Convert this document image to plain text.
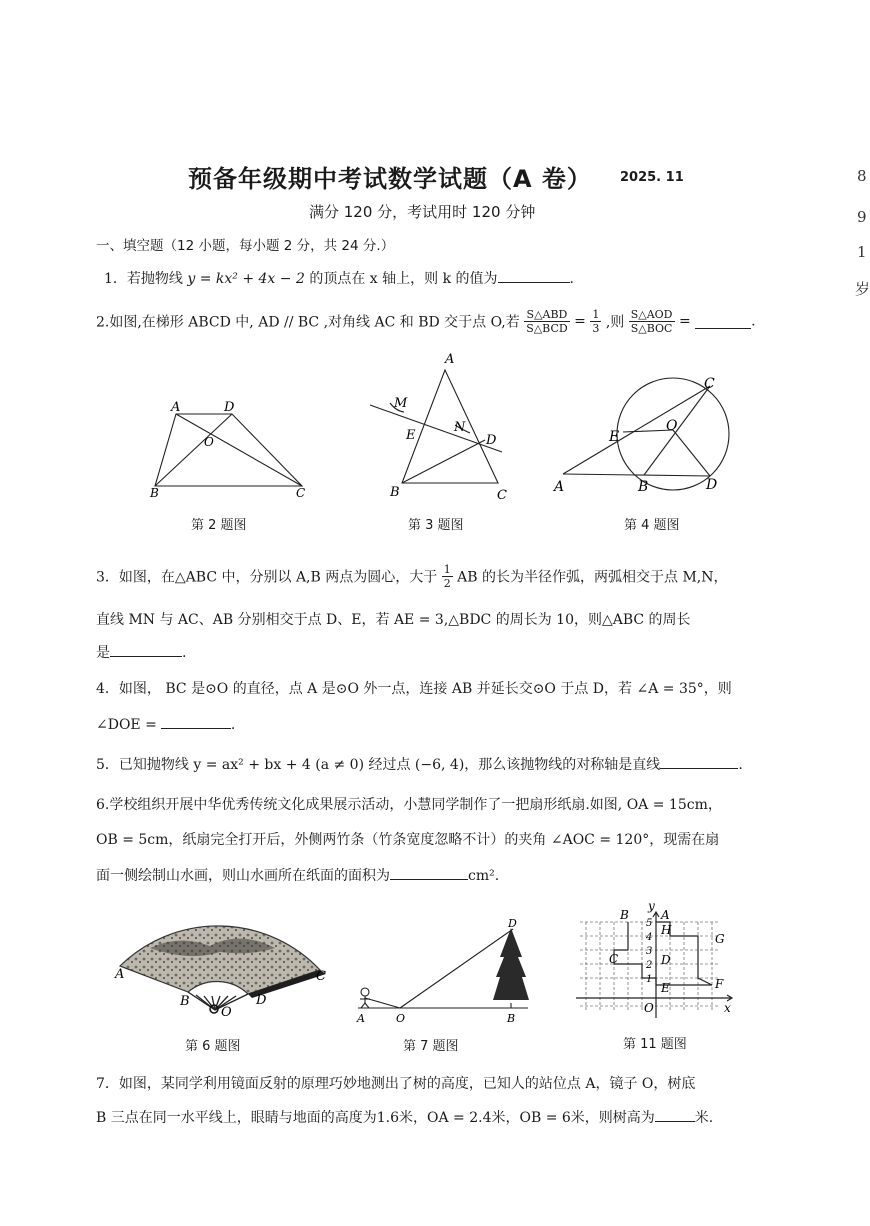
预备年级期中考试数学试题（A 卷） 2025. 11
满分 120 分，考试用时 120 分钟
8
9
1
岁
一、填空题（12 小题，每小题 2 分，共 24 分.）
1．若抛物线 y = kx² + 4x − 2 的顶点在 x 轴上，则 k 的值为	.
2.如图,在梯形 ABCD 中, AD // BC ,对角线 AC 和 BD 交于点 O,若 $\frac{\text{S△ABD}}{\text{S△BCD}} = \frac{1}{3}$ ,则 $\frac{\text{S△AOD}}{\text{S△BOC}}$ =	.
A	D
O
B	C
A
M
N
E	D
B	C
C
O
E
A	B	D
第 2 题图	第 3 题图	第 4 题图
3．如图，在△ABC 中，分别以 A,B 两点为圆心，大于 $\frac{1}{2}$ AB 的长为半径作弧，两弧相交于点 M,N，
直线 MN 与 AC、AB 分别相交于点 D、E，若 AE = 3,△BDC 的周长为 10，则△ABC 的周长
是	.
4．如图， BC 是⊙O 的直径，点 A 是⊙O 外一点，连接 AB 并延长交⊙O 于点 D，若 ∠A = 35°，则
∠DOE =	.
5．已知抛物线 y = ax² + bx + 4 (a ≠ 0) 经过点 (−6, 4)，那么该抛物线的对称轴是直线	.
6.学校组织开展中华优秀传统文化成果展示活动，小慧同学制作了一把扇形纸扇.如图, OA = 15cm，
OB = 5cm，纸扇完全打开后，外侧两竹条（竹条宽度忽略不计）的夹角 ∠AOC = 120°，现需在扇
面一侧绘制山水画，则山水画所在纸面的面积为	cm².
A	C
B
O
D
D
A	O	B
y
B	A
H
G
C	D
E	F
O	x
5
4
3
2
1
第 6 题图	第 7 题图	第 11 题图
7．如图，某同学利用镜面反射的原理巧妙地测出了树的高度，已知人的站位点 A，镜子 O，树底
B 三点在同一水平线上，眼睛与地面的高度为1.6米，OA = 2.4米，OB = 6米，则树高为	米.
